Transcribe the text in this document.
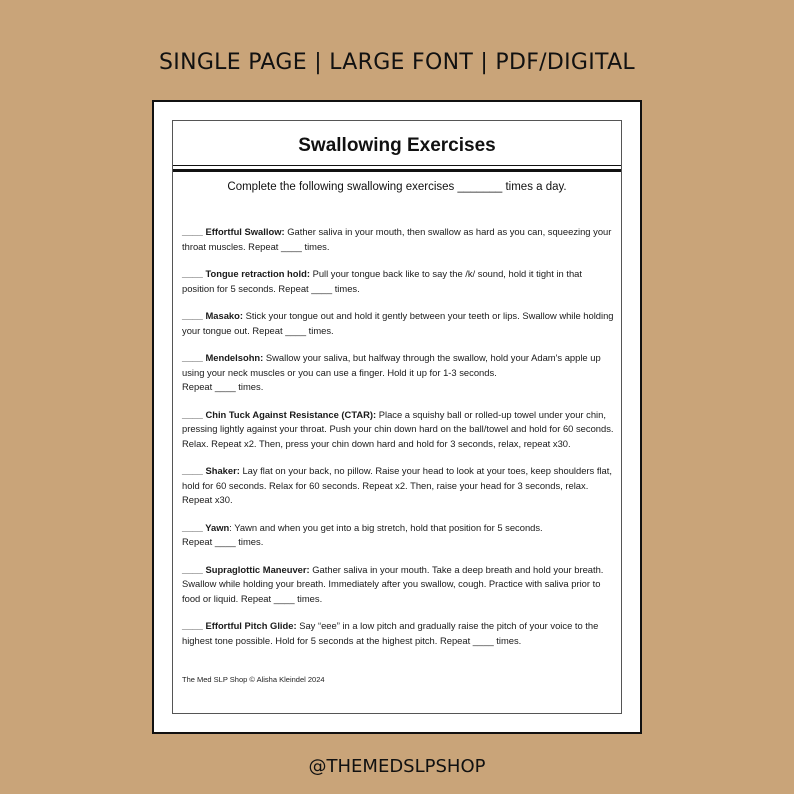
SINGLE PAGE | LARGE FONT | PDF/DIGITAL
Swallowing Exercises
Complete the following swallowing exercises _______ times a day.
____ Effortful Swallow: Gather saliva in your mouth, then swallow as hard as you can, squeezing your throat muscles. Repeat ____ times.
____ Tongue retraction hold: Pull your tongue back like to say the /k/ sound, hold it tight in that position for 5 seconds. Repeat ____ times.
____ Masako: Stick your tongue out and hold it gently between your teeth or lips. Swallow while holding your tongue out. Repeat ____ times.
____ Mendelsohn: Swallow your saliva, but halfway through the swallow, hold your Adam's apple up using your neck muscles or you can use a finger. Hold it up for 1-3 seconds.
Repeat ____ times.
____ Chin Tuck Against Resistance (CTAR): Place a squishy ball or rolled-up towel under your chin, pressing lightly against your throat. Push your chin down hard on the ball/towel and hold for 60 seconds. Relax. Repeat x2. Then, press your chin down hard and hold for 3 seconds, relax, repeat x30.
____ Shaker: Lay flat on your back, no pillow. Raise your head to look at your toes, keep shoulders flat, hold for 60 seconds. Relax for 60 seconds. Repeat x2. Then, raise your head for 3 seconds, relax. Repeat x30.
____ Yawn: Yawn and when you get into a big stretch, hold that position for 5 seconds.
Repeat ____ times.
____ Supraglottic Maneuver: Gather saliva in your mouth. Take a deep breath and hold your breath. Swallow while holding your breath. Immediately after you swallow, cough. Practice with saliva prior to food or liquid. Repeat ____ times.
____ Effortful Pitch Glide: Say “eee” in a low pitch and gradually raise the pitch of your voice to the highest tone possible. Hold for 5 seconds at the highest pitch. Repeat ____ times.
The Med SLP Shop © Alisha Kleindel 2024
@THEMEDSLPSHOP
